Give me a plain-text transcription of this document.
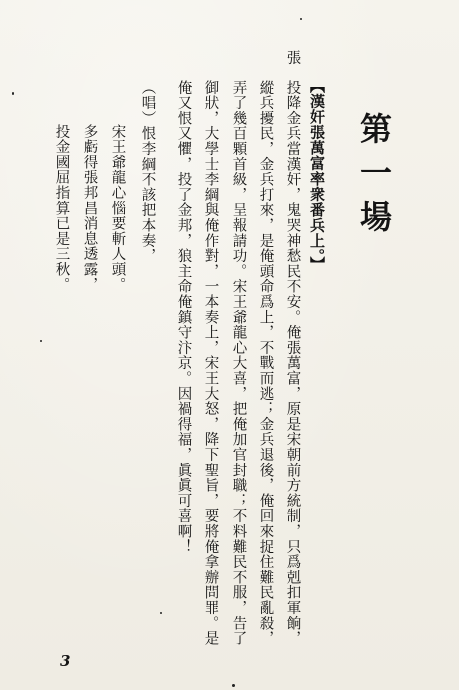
第一場
【漢奸張萬富率衆番兵上。】
張
投降金兵當漢奸，鬼哭神愁民不安。俺張萬富，原是宋朝前方統制，只爲剋扣軍餉，
縱兵擾民，金兵打來，是俺頭命爲上，不戰而逃；金兵退後，俺回來捉住難民亂殺，
弄了幾百顆首級，呈報請功。宋王爺龍心大喜，把俺加官封職；不料難民不服，告了
御狀，大學士李綱與俺作對，一本奏上，宋王大怒，降下聖旨，要將俺拿辦問罪。是
俺又恨又懼，投了金邦，狼主命俺鎮守汴京。因禍得福，眞眞可喜啊！
（唱）恨李綱不該把本奏，
宋王爺龍心惱要斬人頭。
多虧得張邦昌消息透露，
投金國屈指算已是三秋。
3
